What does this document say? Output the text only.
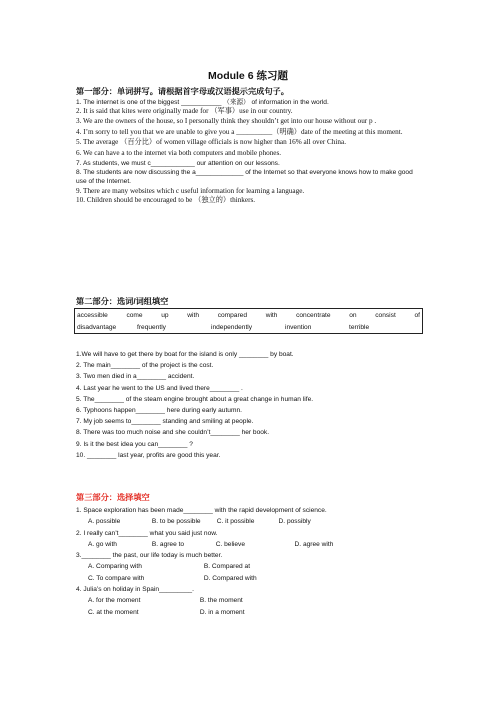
Module 6 练习题
第一部分：单词拼写。请根据首字母或汉语提示完成句子。
1. The internet is one of the biggest ___________ （来源） of information in the world.
2. It is said that kites were originally made for （军事）use in our country.
3. We are the owners of the house, so I personally think they shouldn’t get into our house without our p .
4. I’m sorry to tell you that we are unable to give you a __________（明确）date of the meeting at this moment.
5. The average （百分比）of women village officials is now higher than 16% all over China.
6. We can have a to the internet via both computers and mobile phones.
7. As students, we must c____________ our attention on our lessons.
8. The students are now discussing the a_____________ of the Internet so that everyone knows how to make good use of the Internet.
9. There are many websites which c useful information for learning a language.
10. Children should be encouraged to be （独立的）thinkers.
第二部分：选词/词组填空
accessible	come	up	with	compared	with	concentrate	on	consist	of
disadvantage	frequently	independently	invention	terrible
1.We will have to get there by boat for the island is only ________ by boat.
2. The main________ of the project is the cost.
3. Two men died in a________ accident.
4. Last year he went to the US and lived there________ .
5. The________ of the steam engine brought about a great change in human life.
6. Typhoons happen________ here during early autumn.
7. My job seems to________ standing and smiling at people.
8. There was too much noise and she couldn’t________ her book.
9. Is it the best idea you can________ ?
10. ________ last year, profits are good this year.
第三部分：选择填空
1. Space exploration has been made________ with the rapid development of science.
A. possible	B. to be possible C. it possible	D. possibly
2. I really can’t________ what you said just now.
A. go with	B. agree to	C. believe	D. agree with
3.________ the past, our life today is much better.
A. Comparing with	B. Compared at
C. To compare with	D. Compared with
4. Julia’s on holiday in Spain_________.
A. for the moment	B. the moment
C. at the moment	D. in a moment
